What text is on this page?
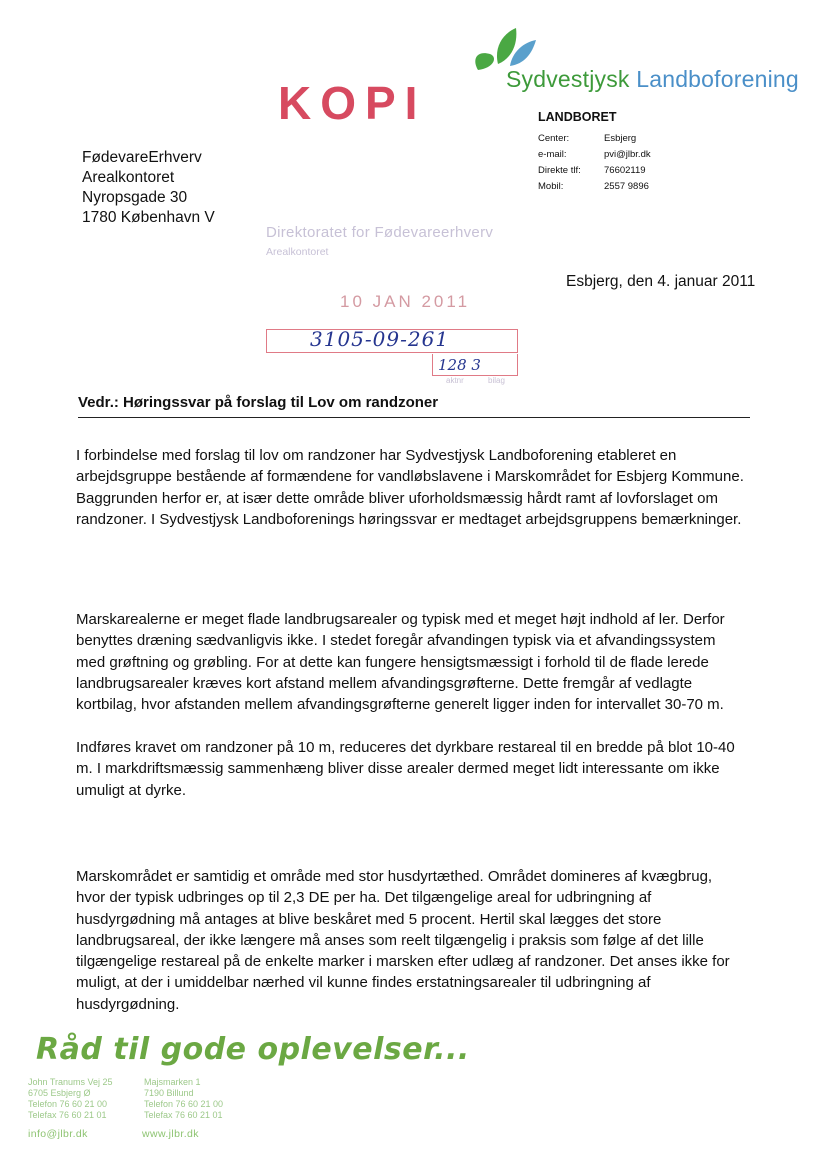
Sydvestjysk Landboforening
KOPI
FødevareErhverv
Arealkontoret
Nyropsgade 30
1780 København V
LANDBORET
Center:	Esbjerg
e-mail:	pvi@jlbr.dk
Direkte tlf:	76602119
Mobil:	2557 9896
Direktoratet for Fødevareerhverv
Arealkontoret
10 JAN 2011
3105-09-261
128 3
aktnr	bilag
Esbjerg, den 4. januar 2011
Vedr.: Høringssvar på forslag til Lov om randzoner
I forbindelse med forslag til lov om randzoner har Sydvestjysk Landboforening etableret en arbejdsgruppe bestående af formændene for vandløbslavene i Marskområdet for Esbjerg Kommune. Baggrunden herfor er, at især dette område bliver uforholdsmæssig hårdt ramt af lovforslaget om randzoner. I Sydvestjysk Landboforenings høringssvar er medtaget arbejdsgruppens bemærkninger.
Marskarealerne er meget flade landbrugsarealer og typisk med et meget højt indhold af ler. Derfor benyttes dræning sædvanligvis ikke. I stedet foregår afvandingen typisk via et afvandingssystem med grøftning og grøbling. For at dette kan fungere hensigtsmæssigt i forhold til de flade lerede landbrugsarealer kræves kort afstand mellem afvandingsgrøfterne. Dette fremgår af vedlagte kortbilag, hvor afstanden mellem afvandingsgrøfterne generelt ligger inden for intervallet 30-70 m.
Indføres kravet om randzoner på 10 m, reduceres det dyrkbare restareal til en bredde på blot 10-40 m. I markdriftsmæssig sammenhæng bliver disse arealer dermed meget lidt interessante om ikke umuligt at dyrke.
Marskområdet er samtidig et område med stor husdyrtæthed. Området domineres af kvægbrug, hvor der typisk udbringes op til 2,3 DE per ha. Det tilgængelige areal for udbringning af husdyrgødning må antages at blive beskåret med 5 procent. Hertil skal lægges det store landbrugsareal, der ikke længere må anses som reelt tilgængelig i praksis som følge af det lille tilgængelige restareal på de enkelte marker i marsken efter udlæg af randzoner. Det anses ikke for muligt, at der i umiddelbar nærhed vil kunne findes erstatningsarealer til udbringning af husdyrgødning.
Råd til gode oplevelser...
John Tranums Vej 25
6705 Esbjerg Ø
Telefon 76 60 21 00
Telefax 76 60 21 01
Majsmarken 1
7190 Billund
Telefon 76 60 21 00
Telefax 76 60 21 01
info@jlbr.dk	www.jlbr.dk
